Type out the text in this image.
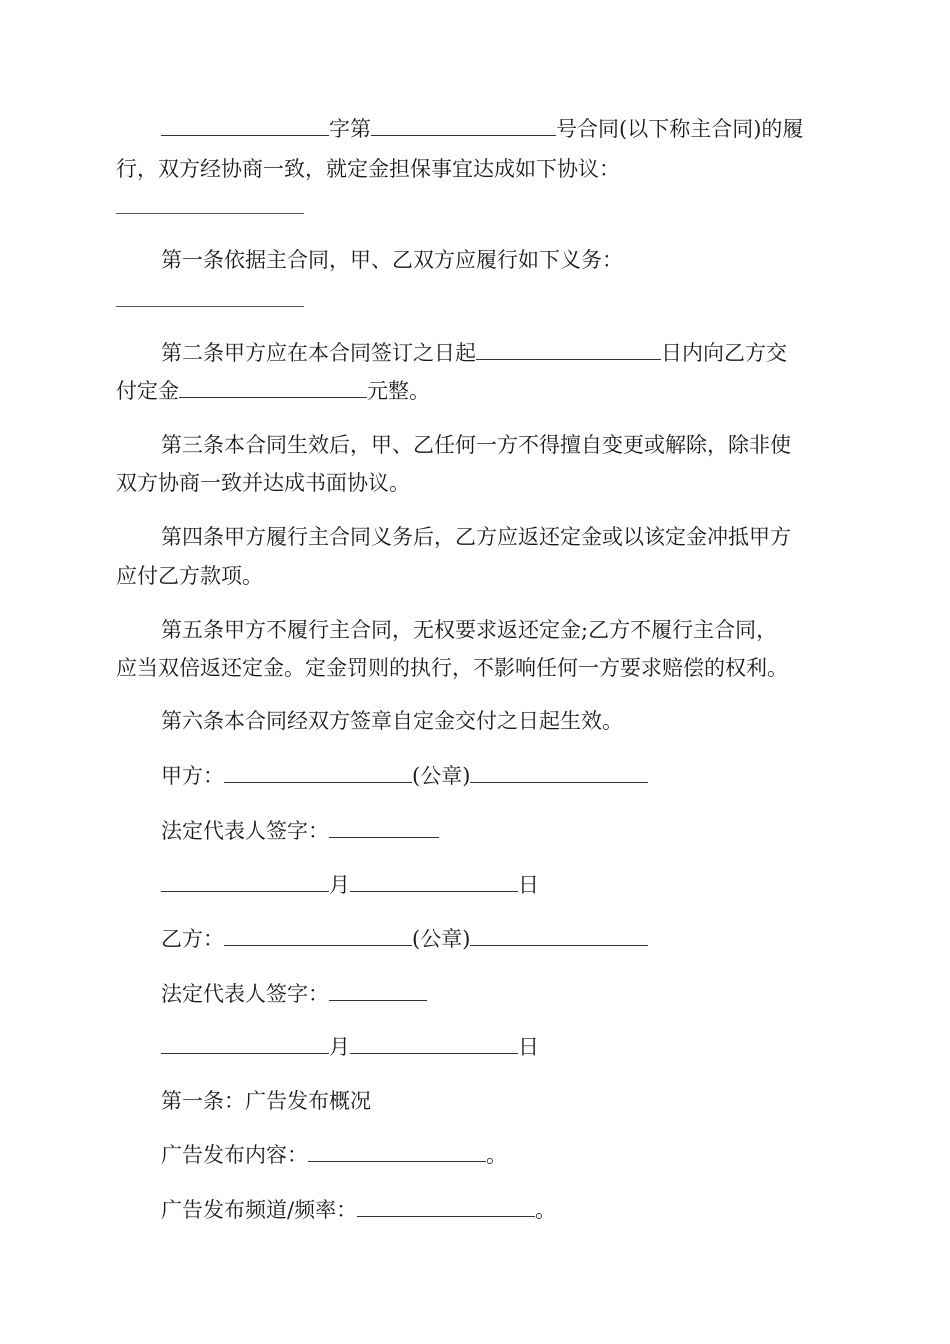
字第	号合同(以下称主合同)的履
行，双方经协商一致，就定金担保事宜达成如下协议：
第一条依据主合同，甲、乙双方应履行如下义务：
第二条甲方应在本合同签订之日起	日内向乙方交
付定金	元整。
第三条本合同生效后，甲、乙任何一方不得擅自变更或解除，除非使
双方协商一致并达成书面协议。
第四条甲方履行主合同义务后，乙方应返还定金或以该定金冲抵甲方
应付乙方款项。
第五条甲方不履行主合同，无权要求返还定金;乙方不履行主合同，
应当双倍返还定金。定金罚则的执行，不影响任何一方要求赔偿的权利。
第六条本合同经双方签章自定金交付之日起生效。
甲方：	(公章)
法定代表人签字：
月	日
乙方：	(公章)
法定代表人签字：
月	日
第一条：广告发布概况
广告发布内容：	。
广告发布频道/频率：	。
